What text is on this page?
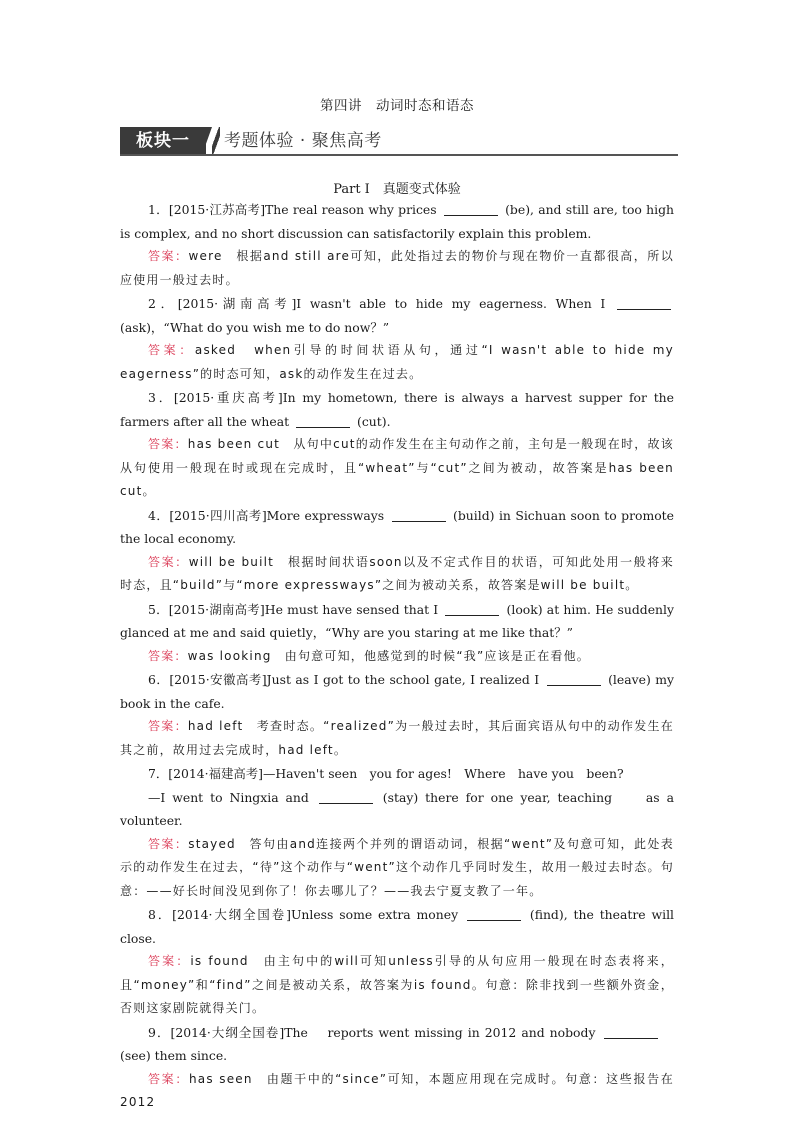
第四讲　动词时态和语态
板块一	考题体验 · 聚焦高考
Part Ⅰ　真题变式体验

1．[2015·江苏高考]The real reason why prices	(be), and still are, too high is complex, and no short discussion can satisfactorily explain this problem.

答案：were　根据and still are可知，此处指过去的物价与现在物价一直都很高，所以应使用一般过去时。

2．[2015·湖南高考]I wasn't able to hide my eagerness. When I  (ask)，“What do you wish me to do now？”

答案：asked　when引导的时间状语从句，通过“I wasn't able to hide my eagerness”的时态可知，ask的动作发生在过去。

3．[2015·重庆高考]In my hometown, there is always a harvest supper for the farmers after all the wheat	(cut).

答案：has been cut　从句中cut的动作发生在主句动作之前，主句是一般现在时，故该从句使用一般现在时或现在完成时，且“wheat”与“cut”之间为被动，故答案是has been cut。

4．[2015·四川高考]More expressways	(build) in Sichuan soon to promote the local economy.

答案：will be built　根据时间状语soon以及不定式作目的状语，可知此处用一般将来时态，且“build”与“more expressways”之间为被动关系，故答案是will be built。

5．[2015·湖南高考]He must have sensed that I	(look) at him. He suddenly glanced at me and said quietly，“Why are you staring at me like that？”

答案：was looking　由句意可知，他感觉到的时候“我”应该是正在看他。

6．[2015·安徽高考]Just as I got to the school gate, I realized I	(leave) my book in the cafe.

答案：had left　考查时态。“realized”为一般过去时，其后面宾语从句中的动作发生在其之前，故用过去完成时，had left。

7．[2014·福建高考]—Haven't seen　you for ages!　Where　have you　been?

—I went to Ningxia and	(stay) there for one year, teaching　　as a volunteer.

答案：stayed　答句由and连接两个并列的谓语动词，根据“went”及句意可知，此处表示的动作发生在过去，“待”这个动作与“went”这个动作几乎同时发生，故用一般过去时态。句意：——好长时间没见到你了！你去哪儿了？——我去宁夏支教了一年。

8．[2014·大纲全国卷]Unless some extra money	(find), the theatre will close.

答案：is found　由主句中的will可知unless引导的从句应用一般现在时态表将来，且“money”和“find”之间是被动关系，故答案为is found。句意：除非找到一些额外资金，否则这家剧院就得关门。

9．[2014·大纲全国卷]The　 reports went missing in 2012 and nobody	　 (see) them since.

答案：has seen　由题干中的“since”可知，本题应用现在完成时。句意：这些报告在2012
